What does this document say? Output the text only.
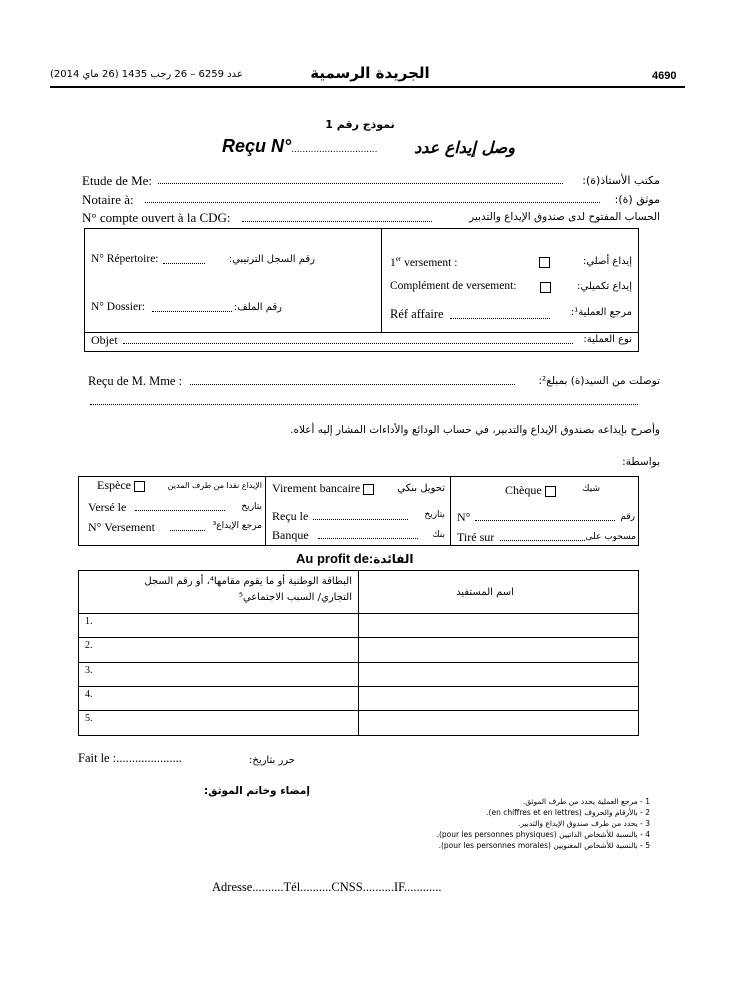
عدد 6259 – 26 رجب 1435 (26 ماي 2014)	الجريدة الرسمية	4690
نموذج رقم 1
Reçu N°...............................	وصل إيداع عدد
Etude de Me:	مكتب الأستاذ(ة):
Notaire à:	موثق (ة):
N° compte ouvert à la CDG:	الحساب المفتوح لدى صندوق الإيداع والتدبير
N° Répertoire:	رقم السجل الترتيبي:
N° Dossier:	رقم الملف:
1er versement :	إيداع أصلي:
Complément de versement:	إيداع تكميلي:
Réf affaire	مرجع العملية¹:
Objet	نوع العملية:
Reçu de M. Mme :	توصلت من السيد(ة) بمبلغ²:
وأصرح بإيداعه بصندوق الإيداع والتدبير، في حساب الودائع والأداءات المشار إليه أعلاه.
بواسطة:
Espèce	الإيداع نقدا من طرف المدين
Versé le	بتاريخ
N° Versement	مرجع الإيداع³
Virement bancaire	تحويل بنكي
Reçu le	بتاريخ
Banque	بنك
Chèque	شيك
N°	رقم
Tiré sur	مسحوب على
Au profit de:الفائدة
البطاقة الوطنية أو ما يقوم مقامها⁴، أو رقم السجل التجاري/ السبب الاجتماعي⁵	اسم المستفيد
1.
2.
3.
4.
5.
Fait le :.....................	حرر بتاريخ:
إمضاء وخاتم الموثق:
1 - مرجع العملية يحدد من طرف الموثق.
2 - بالأرقام والحروف (en chiffres et en lettres).
3 - يحدد من طرف صندوق الإيداع والتدبير.
4 - بالنسبة للأشخاص الذاتيين (pour les personnes physiques).
5 - بالنسبة للأشخاص المعنويين (pour les personnes morales).
Adresse..........Tél..........CNSS..........IF............
